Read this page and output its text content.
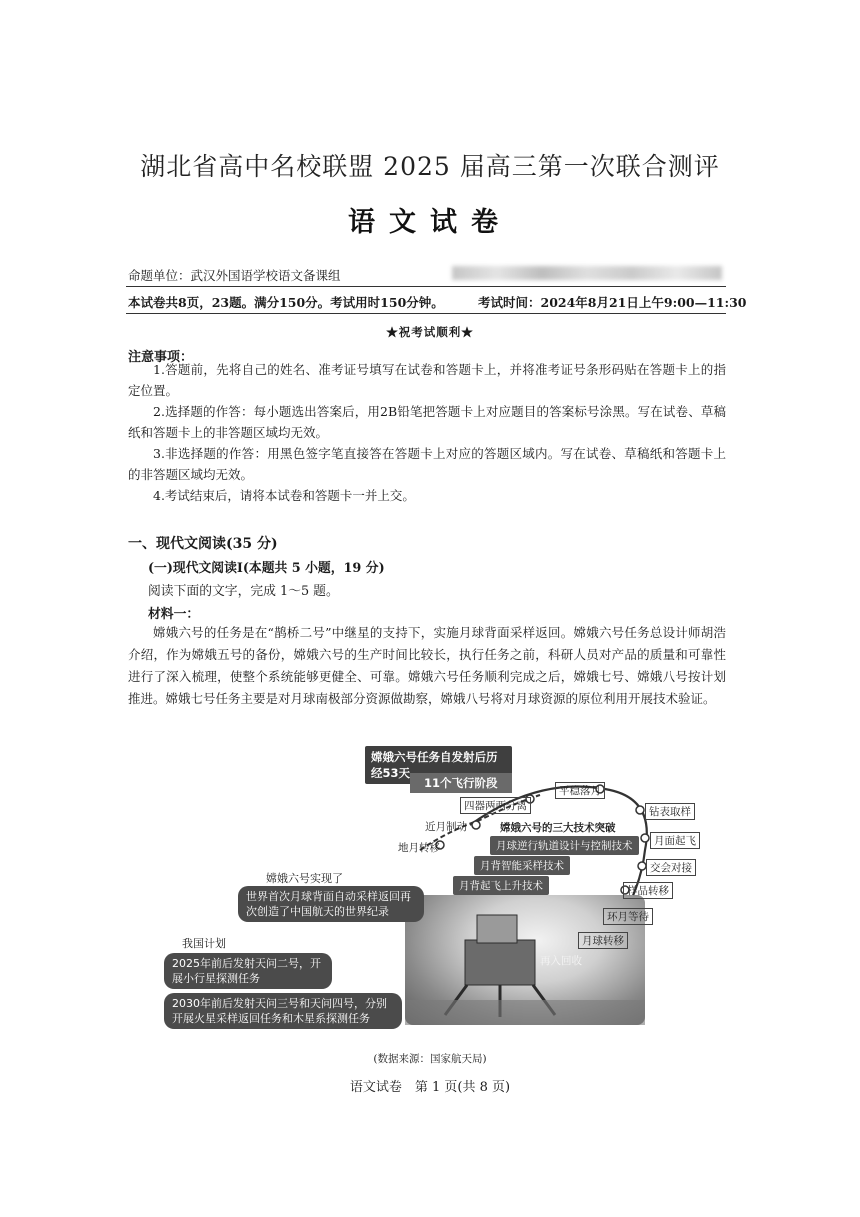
湖北省高中名校联盟 2025 届高三第一次联合测评
语文试卷
命题单位：武汉外国语学校语文备课组
本试卷共8页，23题。满分150分。考试用时150分钟。	考试时间：2024年8月21日上午9:00—11:30
★祝考试顺利★
注意事项：
1.答题前，先将自己的姓名、准考证号填写在试卷和答题卡上，并将准考证号条形码贴在答题卡上的指定位置。
2.选择题的作答：每小题选出答案后，用2B铅笔把答题卡上对应题目的答案标号涂黑。写在试卷、草稿纸和答题卡上的非答题区域均无效。
3.非选择题的作答：用黑色签字笔直接答在答题卡上对应的答题区域内。写在试卷、草稿纸和答题卡上的非答题区域均无效。
4.考试结束后，请将本试卷和答题卡一并上交。
一、现代文阅读(35 分)
(一)现代文阅读Ⅰ(本题共 5 小题，19 分)
阅读下面的文字，完成 1～5 题。
材料一：
嫦娥六号的任务是在“鹊桥二号”中继星的支持下，实施月球背面采样返回。嫦娥六号任务总设计师胡浩介绍，作为嫦娥五号的备份，嫦娥六号的生产时间比较长，执行任务之前，科研人员对产品的质量和可靠性进行了深入梳理，使整个系统能够更健全、可靠。嫦娥六号任务顺利完成之后，嫦娥七号、嫦娥八号按计划推进。嫦娥七号任务主要是对月球南极部分资源做勘察，嫦娥八号将对月球资源的原位利用开展技术验证。
嫦娥六号任务自发射后历经53天
11个飞行阶段
平稳落月
四器两两分离
近月制动
地月转移
钻表取样
月面起飞
交会对接
样品转移
环月等待
月球转移
再入回收
嫦娥六号的三大技术突破
月球逆行轨道设计与控制技术
月背智能采样技术
月背起飞上升技术
嫦娥六号实现了
世界首次月球背面自动采样返回再次创造了中国航天的世界纪录
我国计划
2025年前后发射天问二号，开展小行星探测任务
2030年前后发射天问三号和天问四号，分别开展火星采样返回任务和木星系探测任务
(数据来源：国家航天局)
语文试卷　第 1 页(共 8 页)
